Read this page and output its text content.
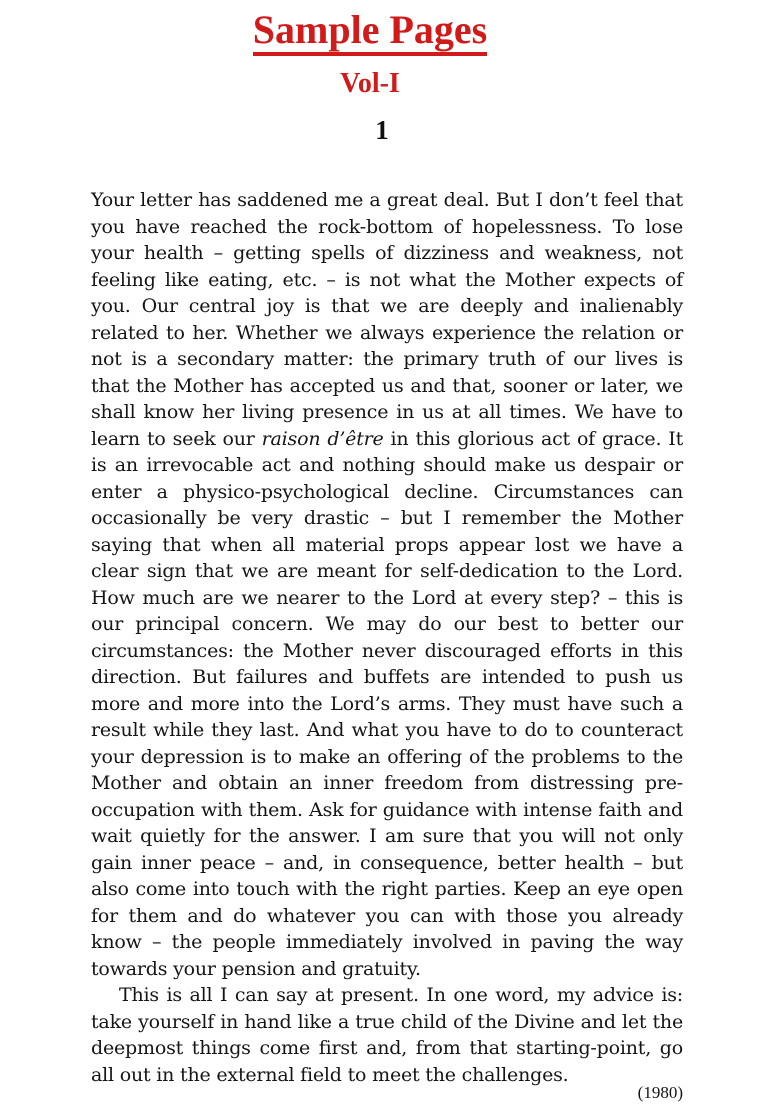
Sample Pages
Vol-I
1

Your letter has saddened me a great deal. But I don’t feel that you have reached the rock-bottom of hopelessness. To lose your health – getting spells of dizziness and weakness, not feeling like eating, etc. – is not what the Mother expects of you. Our central joy is that we are deeply and inalienably related to her. Whether we always experience the relation or not is a secondary matter: the primary truth of our lives is that the Mother has accepted us and that, sooner or later, we shall know her living presence in us at all times. We have to learn to seek our raison d’être in this glorious act of grace. It is an irrevocable act and nothing should make us despair or enter a physico-psychological decline. Circumstances can occasionally be very drastic – but I remember the Mother saying that when all material props appear lost we have a clear sign that we are meant for self-dedication to the Lord. How much are we nearer to the Lord at every step? – this is our principal concern. We may do our best to better our circumstances: the Mother never discouraged efforts in this direction. But failures and buffets are intended to push us more and more into the Lord’s arms. They must have such a result while they last. And what you have to do to counteract your depression is to make an offering of the problems to the Mother and obtain an inner freedom from distressing pre-occupation with them. Ask for guidance with intense faith and wait quietly for the answer. I am sure that you will not only gain inner peace – and, in consequence, better health – but also come into touch with the right parties. Keep an eye open for them and do whatever you can with those you already know – the people immediately involved in paving the way towards your pension and gratuity.

This is all I can say at present. In one word, my advice is: take yourself in hand like a true child of the Divine and let the deepmost things come first and, from that starting-point, go all out in the external field to meet the challenges.

(1980)
